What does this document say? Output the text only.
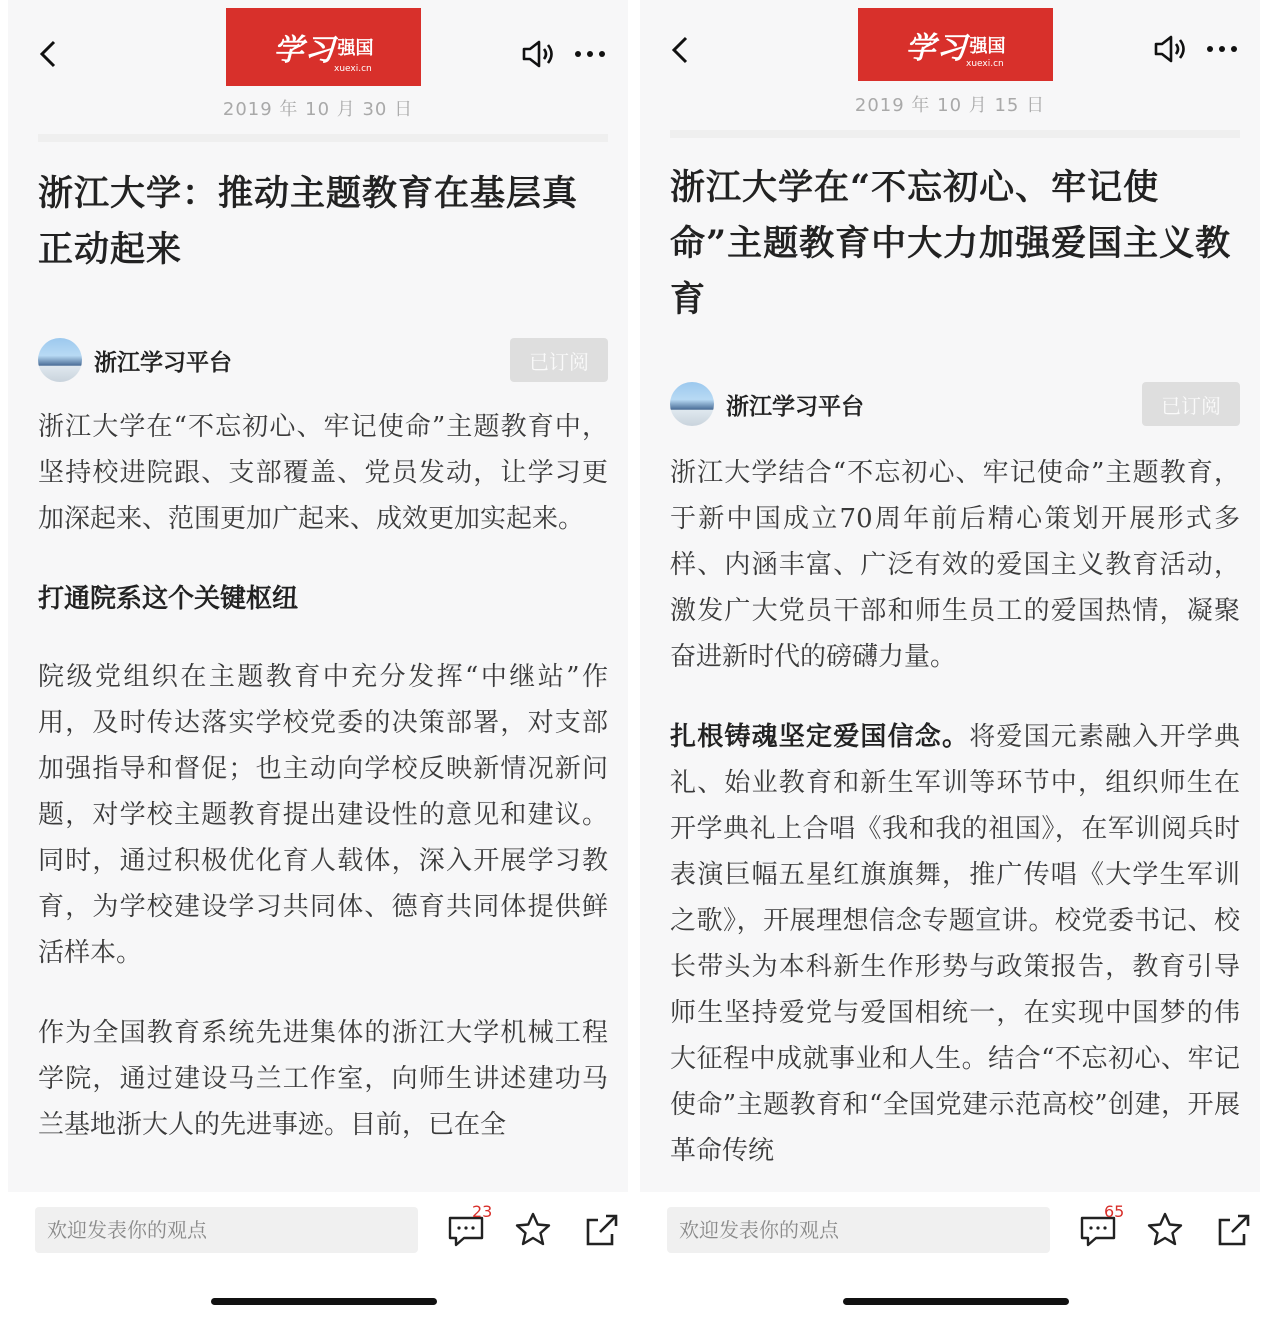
学习 强国
xuexi.cn
2019 年 10 月 30 日
浙江大学：推动主题教育在基层真正动起来
浙江学习平台	已订阅

浙江大学在“不忘初心、牢记使命”主题教育中，坚持校进院跟、支部覆盖、党员发动，让学习更加深起来、范围更加广起来、成效更加实起来。

打通院系这个关键枢纽

院级党组织在主题教育中充分发挥“中继站”作用，及时传达落实学校党委的决策部署，对支部加强指导和督促；也主动向学校反映新情况新问题，对学校主题教育提出建设性的意见和建议。同时，通过积极优化育人载体，深入开展学习教育，为学校建设学习共同体、德育共同体提供鲜活样本。

作为全国教育系统先进集体的浙江大学机械工程学院，通过建设马兰工作室，向师生讲述建功马兰基地浙大人的先进事迹。目前，已在全

欢迎发表你的观点
23
学习 强国
xuexi.cn
2019 年 10 月 15 日
浙江大学在“不忘初心、牢记使命”主题教育中大力加强爱国主义教育
浙江学习平台	已订阅

浙江大学结合“不忘初心、牢记使命”主题教育，于新中国成立70周年前后精心策划开展形式多样、内涵丰富、广泛有效的爱国主义教育活动，激发广大党员干部和师生员工的爱国热情，凝聚奋进新时代的磅礴力量。

扎根铸魂坚定爱国信念。将爱国元素融入开学典礼、始业教育和新生军训等环节中，组织师生在开学典礼上合唱《我和我的祖国》，在军训阅兵时表演巨幅五星红旗旗舞，推广传唱《大学生军训之歌》，开展理想信念专题宣讲。校党委书记、校长带头为本科新生作形势与政策报告，教育引导师生坚持爱党与爱国相统一，在实现中国梦的伟大征程中成就事业和人生。结合“不忘初心、牢记使命”主题教育和“全国党建示范高校”创建，开展革命传统

欢迎发表你的观点
65
